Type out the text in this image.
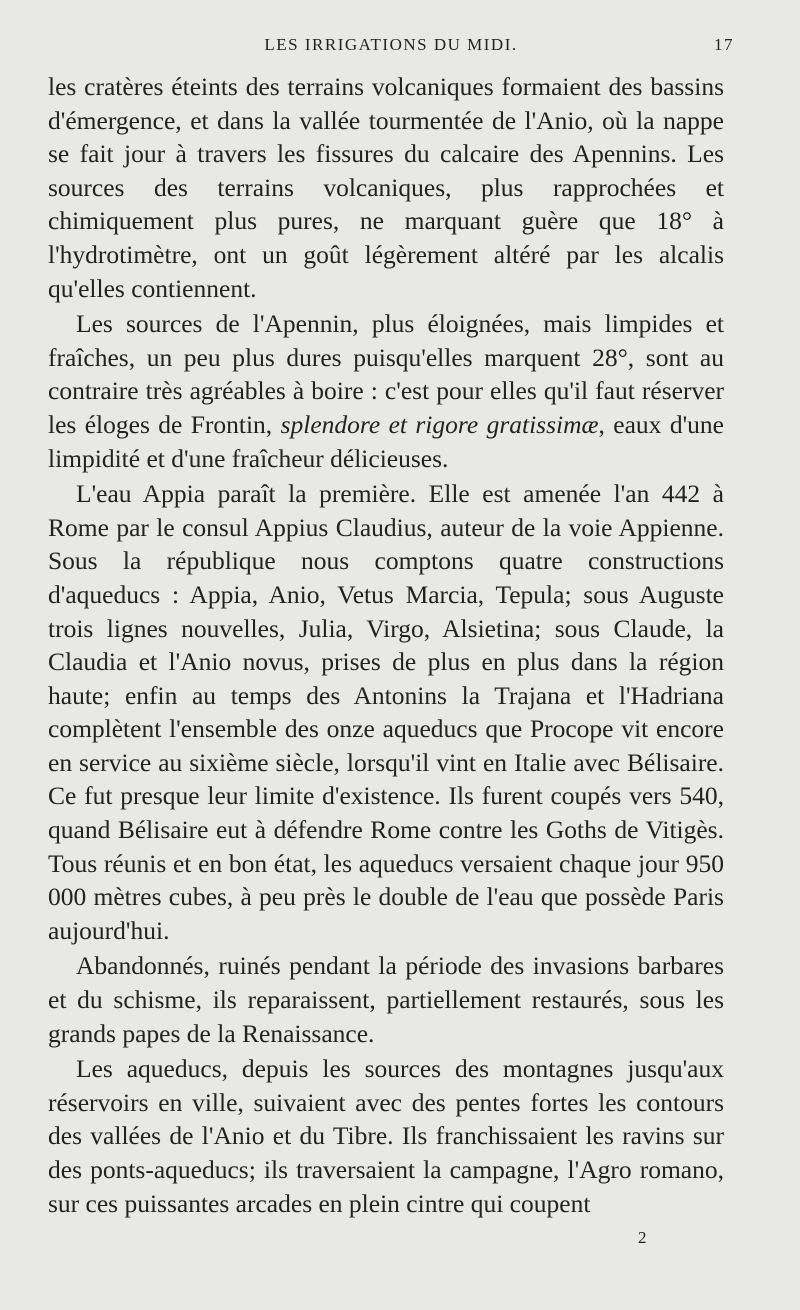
LES IRRIGATIONS DU MIDI.	17

les cratères éteints des terrains volcaniques formaient des bassins d'émergence, et dans la vallée tourmentée de l'Anio, où la nappe se fait jour à travers les fissures du calcaire des Apennins. Les sources des terrains volcaniques, plus rapprochées et chimiquement plus pures, ne marquant guère que 18° à l'hydrotimètre, ont un goût légèrement altéré par les alcalis qu'elles contiennent.

Les sources de l'Apennin, plus éloignées, mais limpides et fraîches, un peu plus dures puisqu'elles marquent 28°, sont au contraire très agréables à boire : c'est pour elles qu'il faut réserver les éloges de Frontin, splendore et rigore gratissimæ, eaux d'une limpidité et d'une fraîcheur délicieuses.

L'eau Appia paraît la première. Elle est amenée l'an 442 à Rome par le consul Appius Claudius, auteur de la voie Appienne. Sous la république nous comptons quatre constructions d'aqueducs : Appia, Anio, Vetus Marcia, Tepula; sous Auguste trois lignes nouvelles, Julia, Virgo, Alsietina; sous Claude, la Claudia et l'Anio novus, prises de plus en plus dans la région haute; enfin au temps des Antonins la Trajana et l'Hadriana complètent l'ensemble des onze aqueducs que Procope vit encore en service au sixième siècle, lorsqu'il vint en Italie avec Bélisaire. Ce fut presque leur limite d'existence. Ils furent coupés vers 540, quand Bélisaire eut à défendre Rome contre les Goths de Vitigès. Tous réunis et en bon état, les aqueducs versaient chaque jour 950 000 mètres cubes, à peu près le double de l'eau que possède Paris aujourd'hui.

Abandonnés, ruinés pendant la période des invasions barbares et du schisme, ils reparaissent, partiellement restaurés, sous les grands papes de la Renaissance.

Les aqueducs, depuis les sources des montagnes jusqu'aux réservoirs en ville, suivaient avec des pentes fortes les contours des vallées de l'Anio et du Tibre. Ils franchissaient les ravins sur des ponts-aqueducs; ils traversaient la campagne, l'Agro romano, sur ces puissantes arcades en plein cintre qui coupent

2
